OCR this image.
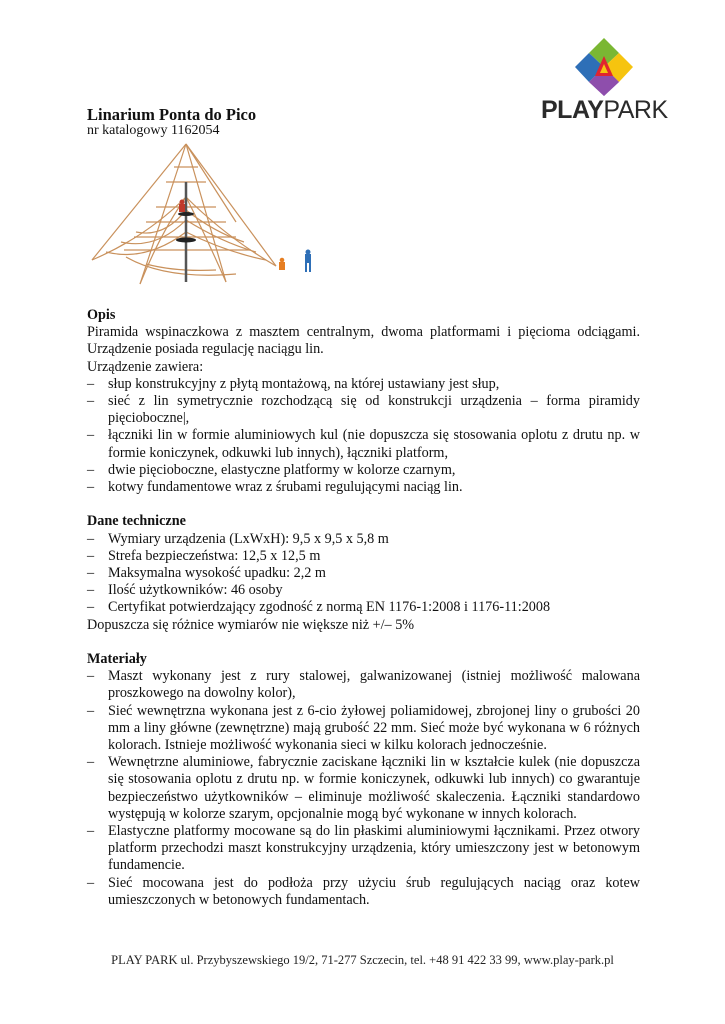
PLAYPARK
Linarium Ponta do Pico
nr katalogowy 1162054

Opis

Piramida wspinaczkowa z masztem centralnym, dwoma platformami i pięcioma odciągami. Urządzenie posiada regulację naciągu lin.

Urządzenie zawiera:

– słup konstrukcyjny z płytą montażową, na której ustawiany jest słup,
– sieć z lin symetrycznie rozchodzącą się od konstrukcji urządzenia – forma piramidy pięcioboczne|,
– łączniki lin w formie aluminiowych kul (nie dopuszcza się stosowania oplotu z drutu np. w formie koniczynek, odkuwki lub innych), łączniki platform,
– dwie pięcioboczne, elastyczne platformy w kolorze czarnym,
– kotwy fundamentowe wraz z śrubami regulującymi naciąg lin.

Dane techniczne

– Wymiary urządzenia (LxWxH): 9,5 x 9,5 x 5,8 m
– Strefa bezpieczeństwa: 12,5 x 12,5 m
– Maksymalna wysokość upadku: 2,2 m
– Ilość użytkowników: 46 osoby
– Certyfikat potwierdzający zgodność z normą EN 1176-1:2008 i 1176-11:2008

Dopuszcza się różnice wymiarów nie większe niż +/– 5%

Materiały

– Maszt wykonany jest z rury stalowej, galwanizowanej (istniej możliwość malowana proszkowego na dowolny kolor),
– Sieć wewnętrzna wykonana jest z 6-cio żyłowej poliamidowej, zbrojonej liny o grubości 20 mm a liny główne (zewnętrzne) mają grubość 22 mm. Sieć może być wykonana w 6 różnych kolorach. Istnieje możliwość wykonania sieci w kilku kolorach jednocześnie.
– Wewnętrzne aluminiowe, fabrycznie zaciskane łączniki lin w kształcie kulek (nie dopuszcza się stosowania oplotu z drutu np. w formie koniczynek, odkuwki lub innych) co gwarantuje bezpieczeństwo użytkowników – eliminuje możliwość skaleczenia. Łączniki standardowo występują w kolorze szarym, opcjonalnie mogą być wykonane w innych kolorach.
– Elastyczne platformy mocowane są do lin płaskimi aluminiowymi łącznikami. Przez otwory platform przechodzi maszt konstrukcyjny urządzenia, który umieszczony jest w betonowym fundamencie.
– Sieć mocowana jest do podłoża przy użyciu śrub regulujących naciąg oraz kotew umieszczonych w betonowych fundamentach.
PLAY PARK ul. Przybyszewskiego 19/2, 71-277 Szczecin, tel. +48 91 422 33 99, www.play-park.pl
